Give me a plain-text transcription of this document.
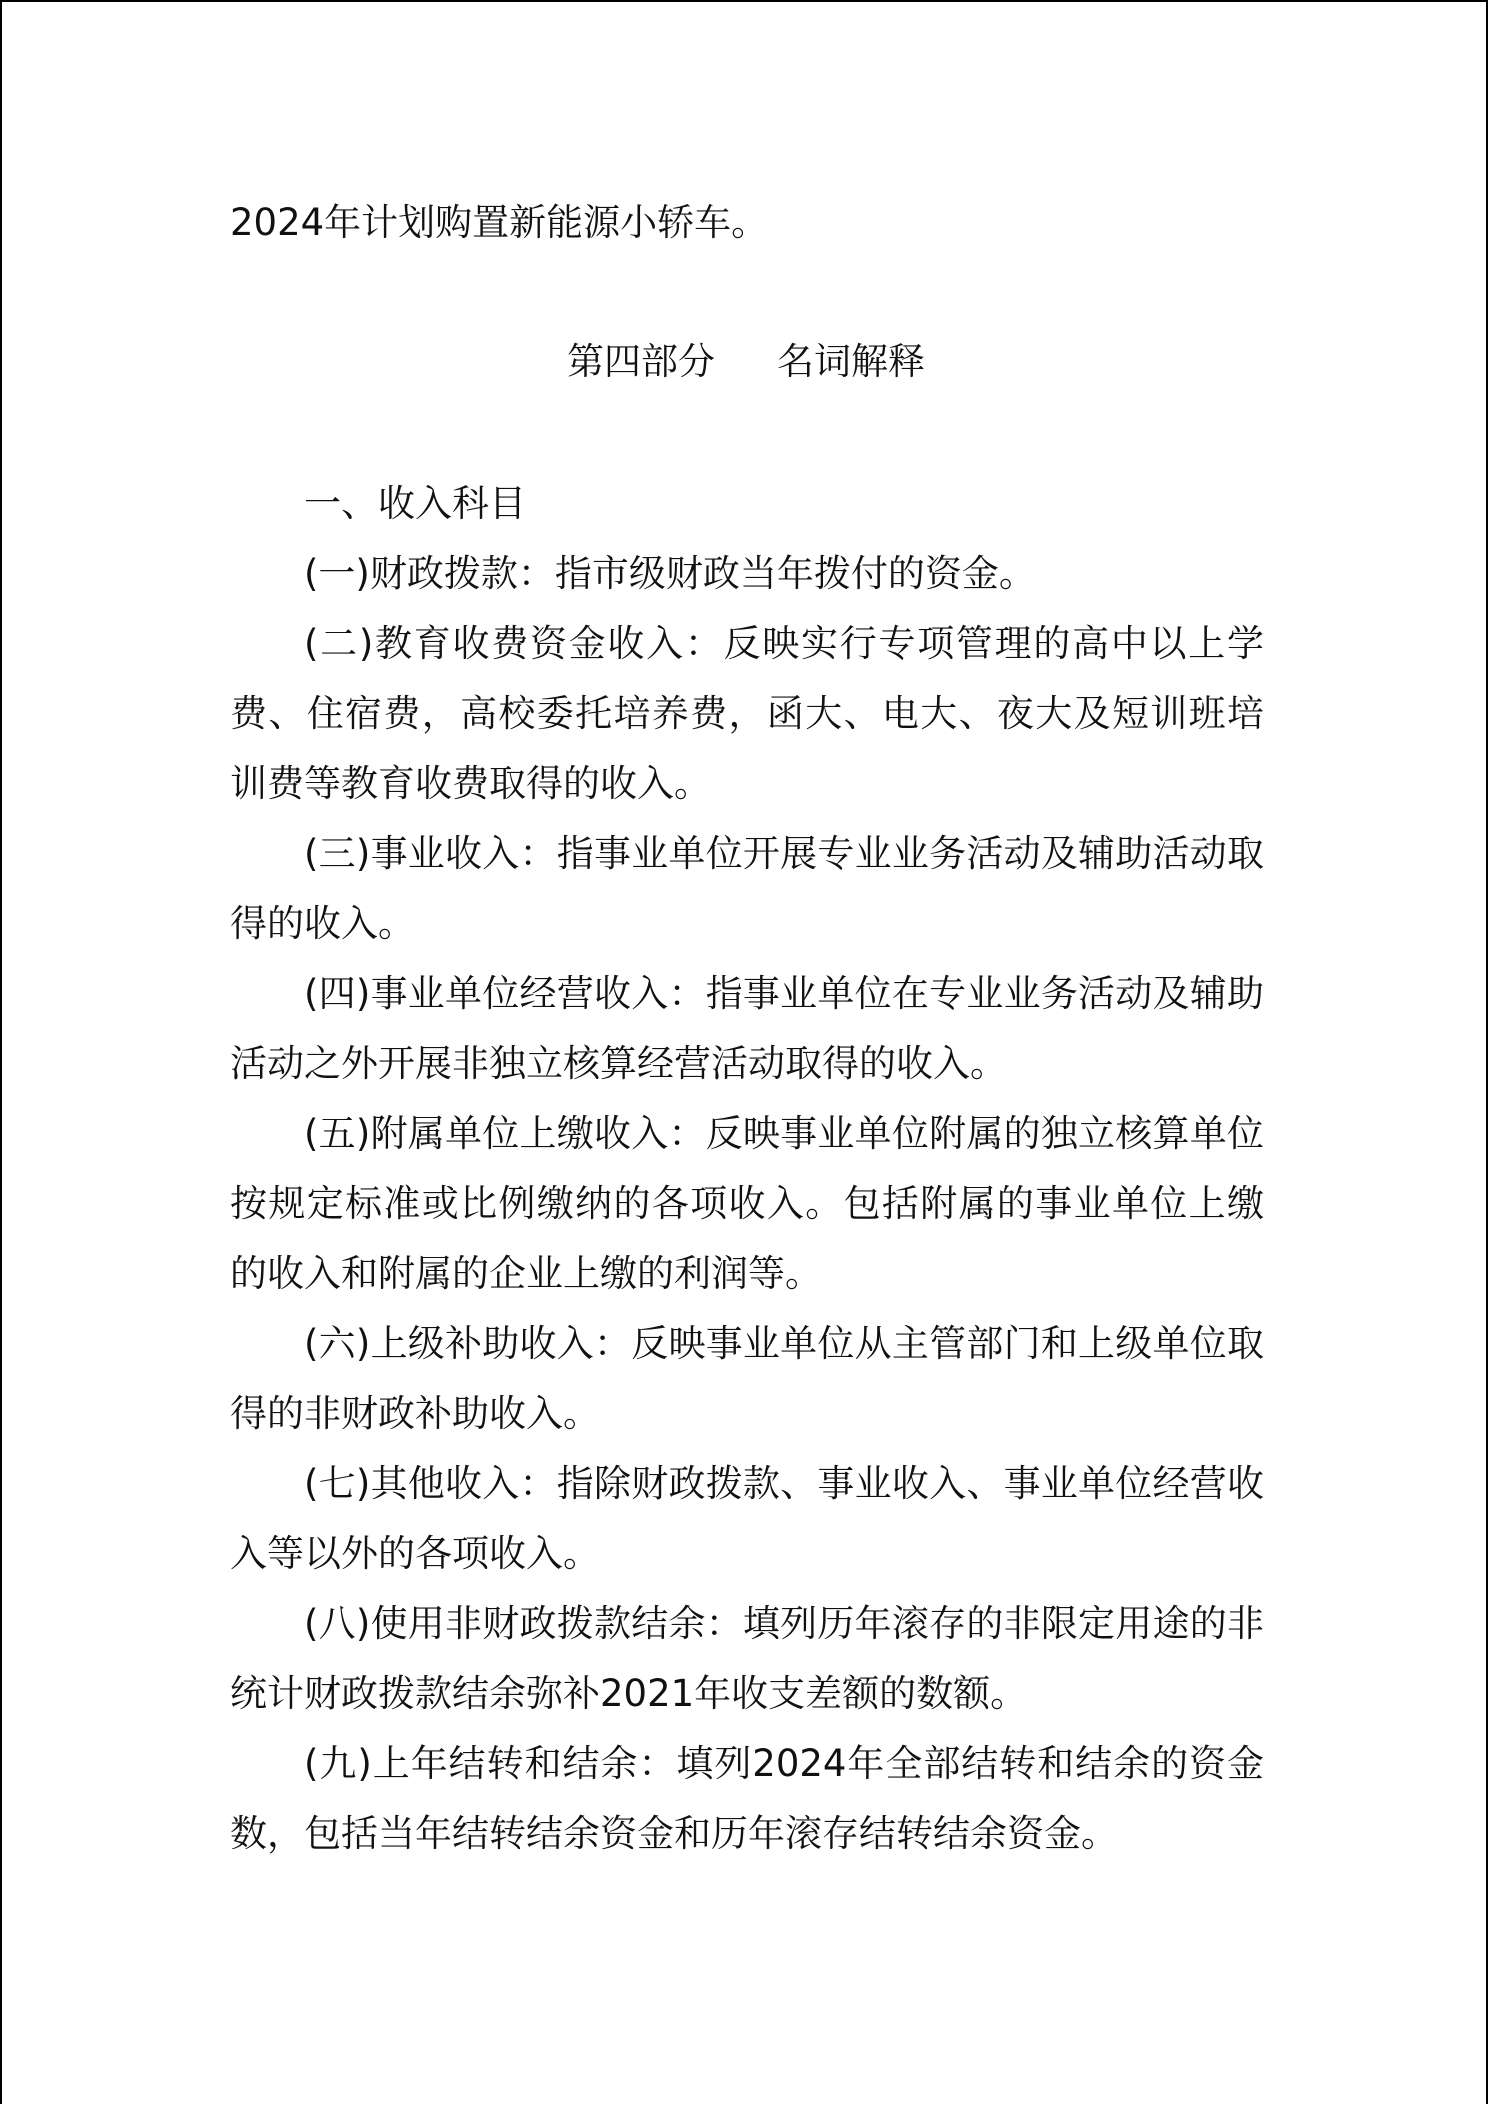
2024年计划购置新能源小轿车。
第四部分 名词解释

一、收入科目

(一)财政拨款：指市级财政当年拨付的资金。

(二)教育收费资金收入：反映实行专项管理的高中以上学费、住宿费，高校委托培养费，函大、电大、夜大及短训班培训费等教育收费取得的收入。

(三)事业收入：指事业单位开展专业业务活动及辅助活动取得的收入。

(四)事业单位经营收入：指事业单位在专业业务活动及辅助活动之外开展非独立核算经营活动取得的收入。

(五)附属单位上缴收入：反映事业单位附属的独立核算单位按规定标准或比例缴纳的各项收入。包括附属的事业单位上缴的收入和附属的企业上缴的利润等。

(六)上级补助收入：反映事业单位从主管部门和上级单位取得的非财政补助收入。

(七)其他收入：指除财政拨款、事业收入、事业单位经营收入等以外的各项收入。

(八)使用非财政拨款结余：填列历年滚存的非限定用途的非统计财政拨款结余弥补2021年收支差额的数额。

(九)上年结转和结余：填列2024年全部结转和结余的资金数，包括当年结转结余资金和历年滚存结转结余资金。
